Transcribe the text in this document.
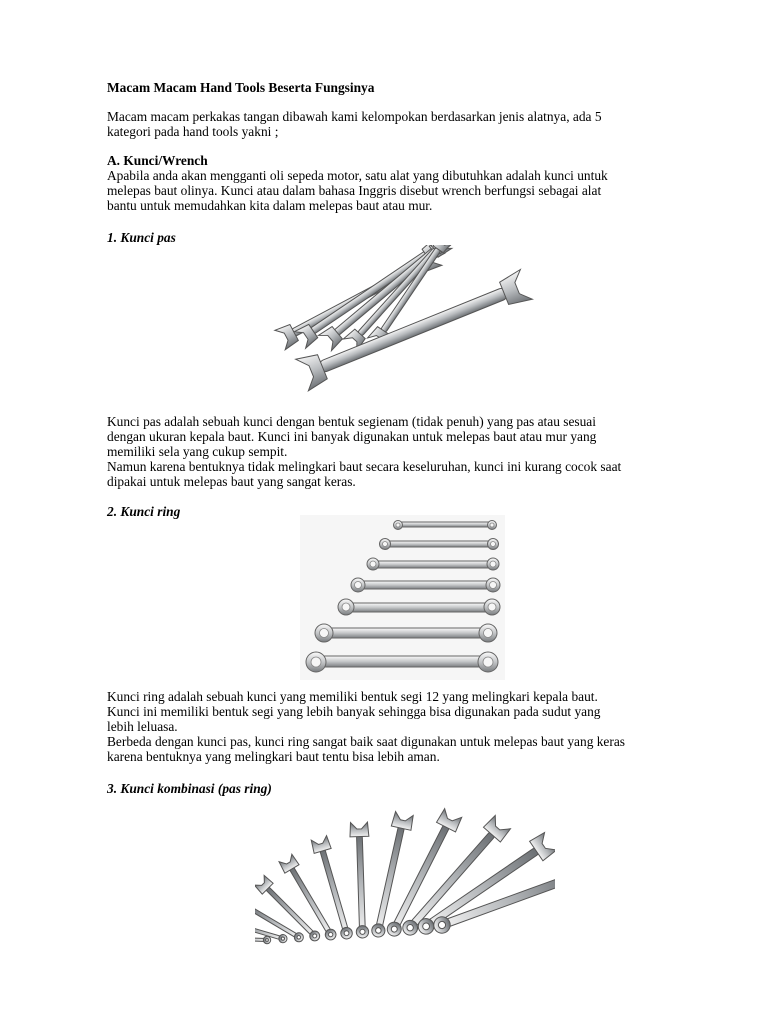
Macam Macam Hand Tools Beserta Fungsinya

Macam macam perkakas tangan dibawah kami kelompokan berdasarkan jenis alatnya, ada 5
kategori pada hand tools yakni ;

A. Kunci/Wrench

Apabila anda akan mengganti oli sepeda motor, satu alat yang dibutuhkan adalah kunci untuk
melepas baut olinya. Kunci atau dalam bahasa Inggris disebut wrench berfungsi sebagai alat
bantu untuk memudahkan kita dalam melepas baut atau mur.

1. Kunci pas

Kunci pas adalah sebuah kunci dengan bentuk segienam (tidak penuh) yang pas atau sesuai
dengan ukuran kepala baut. Kunci ini banyak digunakan untuk melepas baut atau mur yang
memiliki sela yang cukup sempit.
Namun karena bentuknya tidak melingkari baut secara keseluruhan, kunci ini kurang cocok saat
dipakai untuk melepas baut yang sangat keras.

2. Kunci ring

Kunci ring adalah sebuah kunci yang memiliki bentuk segi 12 yang melingkari kepala baut.
Kunci ini memiliki bentuk segi yang lebih banyak sehingga bisa digunakan pada sudut yang
lebih leluasa.
Berbeda dengan kunci pas, kunci ring sangat baik saat digunakan untuk melepas baut yang keras
karena bentuknya yang melingkari baut tentu bisa lebih aman.

3. Kunci kombinasi (pas ring)
